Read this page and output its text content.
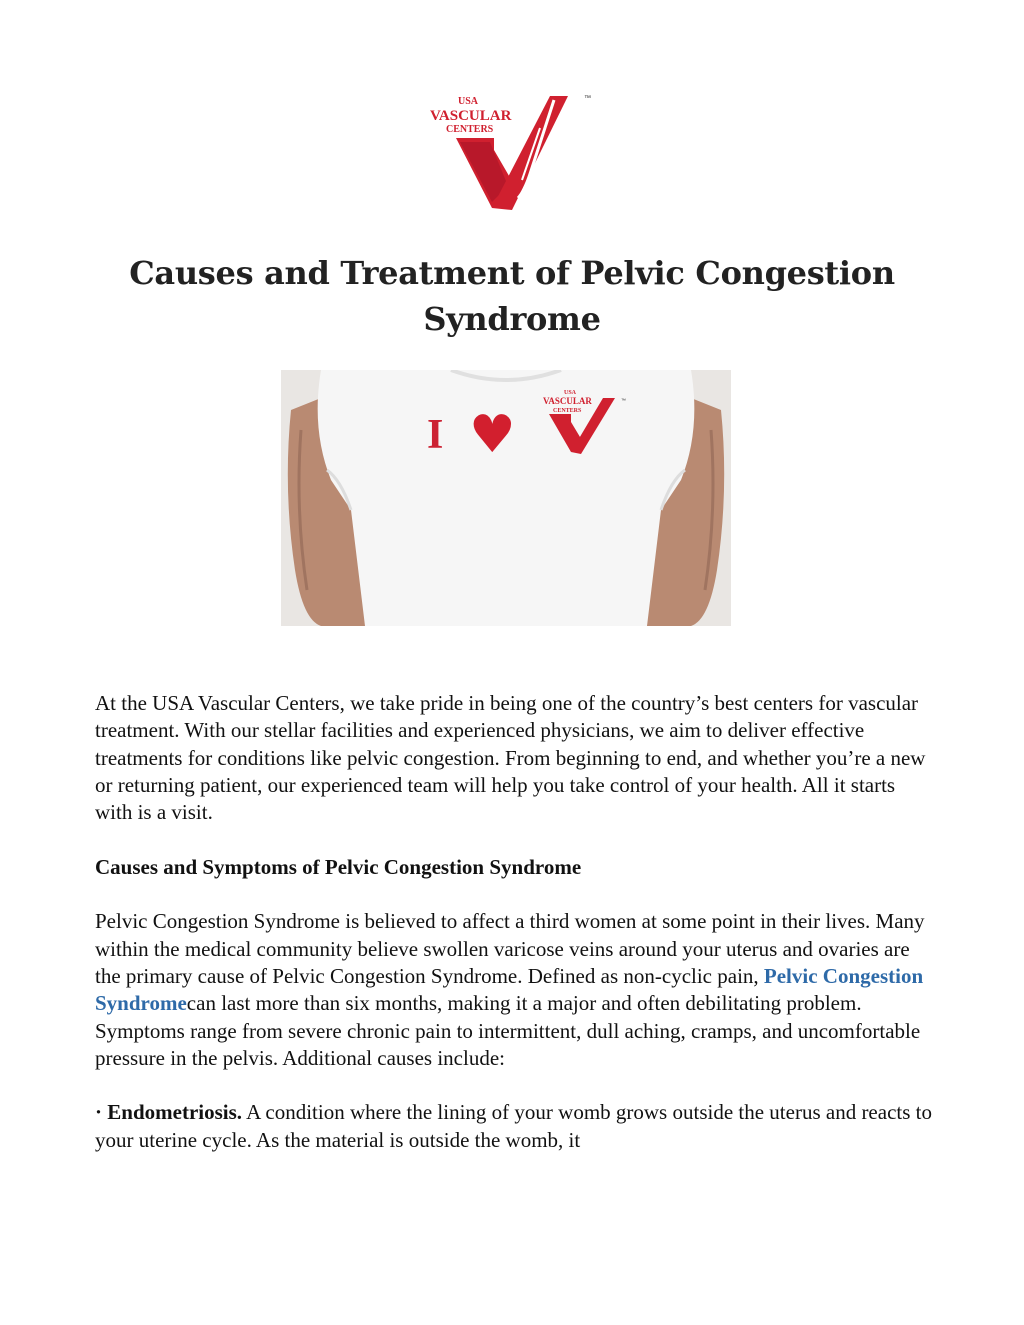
USA
VASCULAR
CENTERS
™
Causes and Treatment of Pelvic Congestion
Syndrome
I ♥
USA
VASCULAR
CENTERS
™

At the USA Vascular Centers, we take pride in being one of the country’s best centers for vascular treatment. With our stellar facilities and experienced physicians, we aim to deliver effective treatments for conditions like pelvic congestion. From beginning to end, and whether you’re a new or returning patient, our experienced team will help you take control of your health. All it starts with is a visit.

Causes and Symptoms of Pelvic Congestion Syndrome

Pelvic Congestion Syndrome is believed to affect a third women at some point in their lives. Many within the medical community believe swollen varicose veins around your uterus and ovaries are the primary cause of Pelvic Congestion Syndrome. Defined as non-cyclic pain, Pelvic Congestion Syndromecan last more than six months, making it a major and often debilitating problem. Symptoms range from severe chronic pain to intermittent, dull aching, cramps, and uncomfortable pressure in the pelvis. Additional causes include:

· Endometriosis. A condition where the lining of your womb grows outside the uterus and reacts to your uterine cycle. As the material is outside the womb, it
